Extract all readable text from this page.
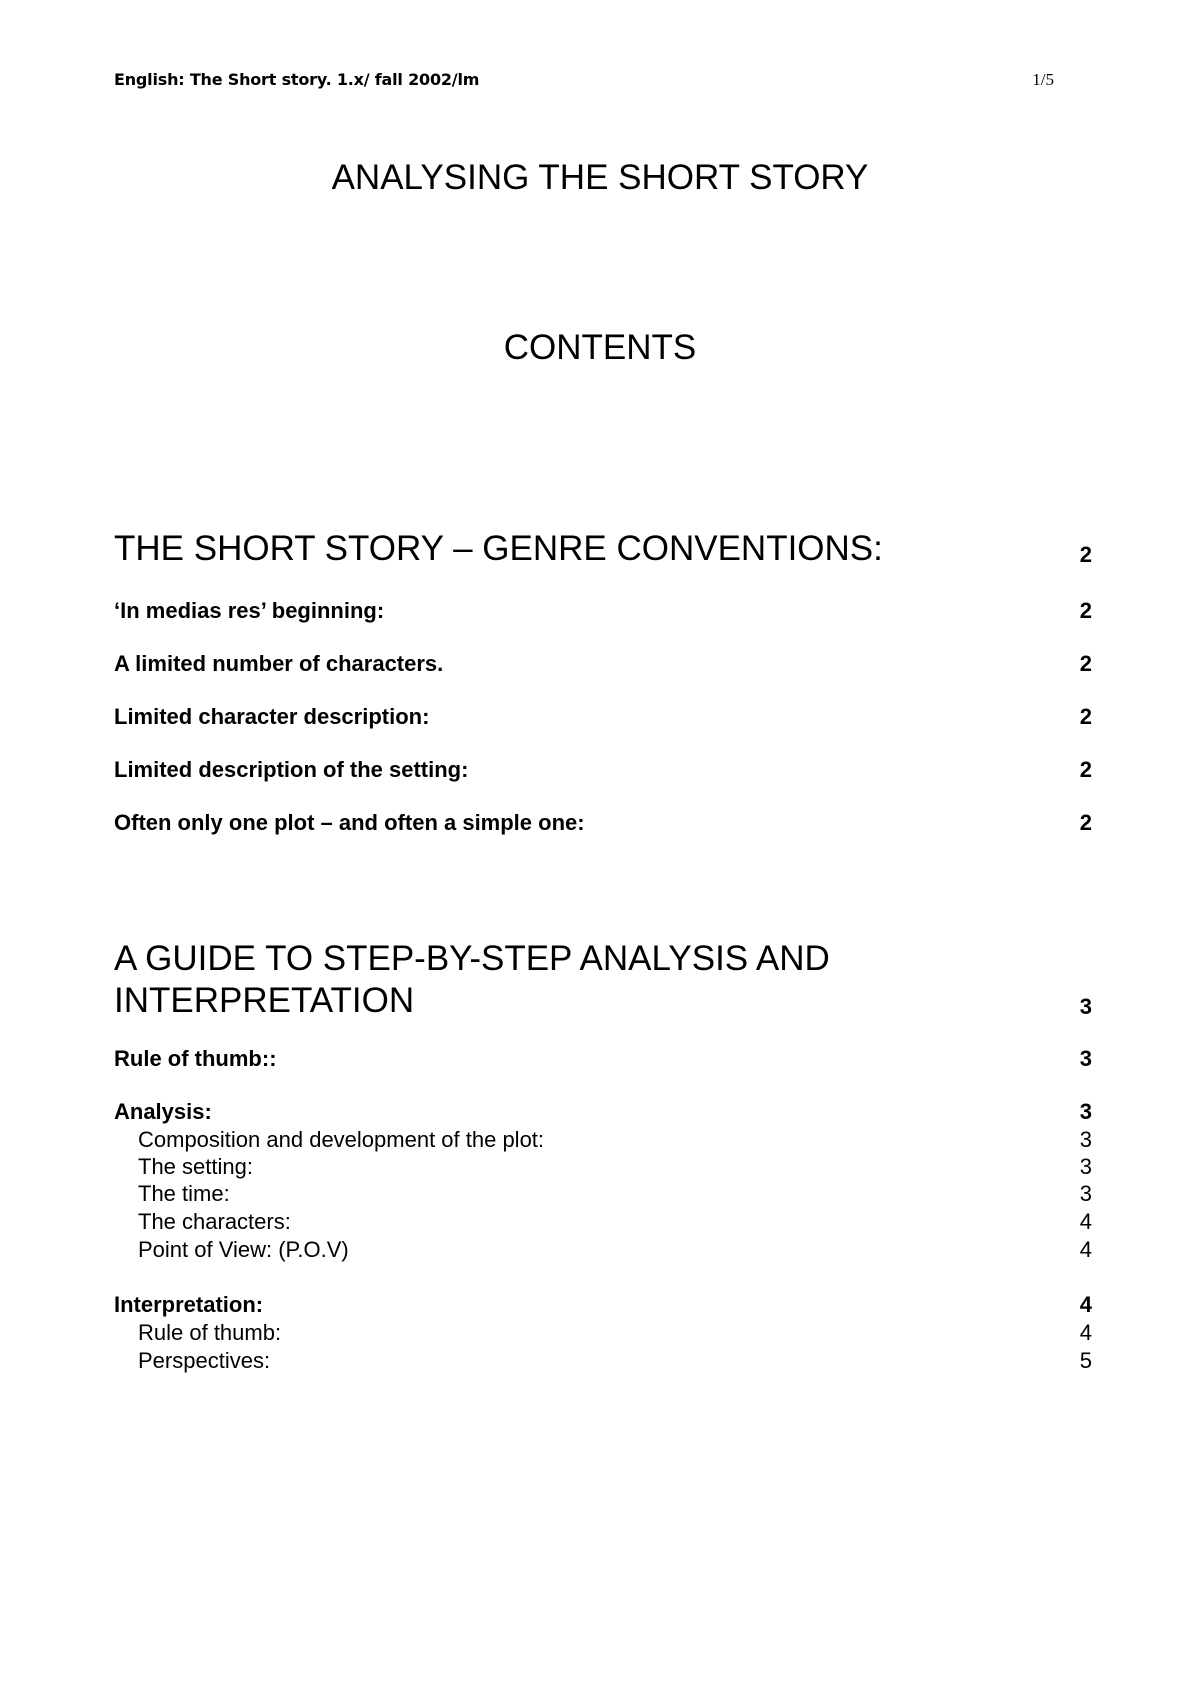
English: The Short story. 1.x/ fall 2002/lm	1/5
ANALYSING THE SHORT STORY
CONTENTS
THE SHORT STORY – GENRE CONVENTIONS:	2
‘In medias res’ beginning:	2
A limited number of characters.	2
Limited character description:	2
Limited description of the setting:	2
Often only one plot – and often a simple one:	2
A GUIDE TO STEP-BY-STEP ANALYSIS AND
INTERPRETATION	3
Rule of thumb::	3
Analysis:	3
Composition and development of the plot:	3
The setting:	3
The time:	3
The characters:	4
Point of View: (P.O.V)	4
Interpretation:	4
Rule of thumb:	4
Perspectives:	5
